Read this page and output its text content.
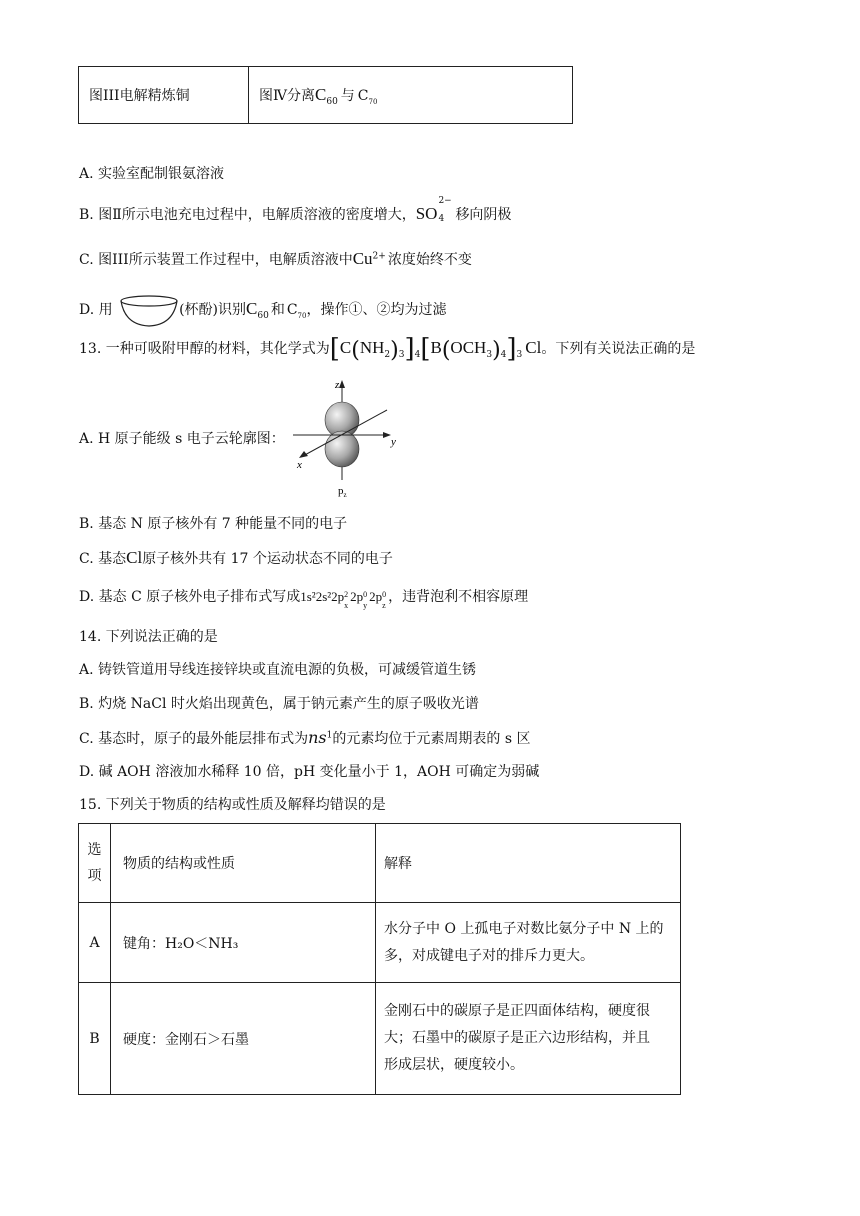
图III电解精炼铜	图Ⅳ分离$C_{60}$ 与 $C_{70}$
A. 实验室配制银氨溶液
B. 图Ⅱ所示电池充电过程中，电解质溶液的密度增大，SO
2−
4 移向阴极
C. 图III所示装置工作过程中，电解质溶液中$Cu^{2+}$ 浓度始终不变
D. 用	(杯酚)识别$C_{60}$ 和 $C_{70}$，操作①、②均为过滤
13. 一种可吸附甲醇的材料，其化学式为$[C(NH_2)_3]_4[B(OCH_3)_4]_3$ Cl。下列有关说法正确的是
A. H 原子能级 s 电子云轮廓图：
z
y
x
$p_z$
B. 基态 N 原子核外有 7 种能量不同的电子
C. 基态Cl原子核外共有 17 个运动状态不同的电子
D. 基态 C 原子核外电子排布式写成1s²2s²2p 2
x
2p 0
y
2p 0
z
，违背泡利不相容原理
14. 下列说法正确的是
A. 铸铁管道用导线连接锌块或直流电源的负极，可减缓管道生锈
B. 灼烧 NaCl 时火焰出现黄色，属于钠元素产生的原子吸收光谱
C. 基态时，原子的最外能层排布式为$ns^1$的元素均位于元素周期表的 s 区
D. 碱 AOH 溶液加水稀释 10 倍，pH 变化量小于 1，AOH 可确定为弱碱
15. 下列关于物质的结构或性质及解释均错误的是
选项	物质的结构或性质	解释
A	键角：H₂O＜NH₃	水分子中 O 上孤电子对数比氨分子中 N 上的
多，对成键电子对的排斥力更大。

B	硬度：金刚石＞石墨	金刚石中的碳原子是正四面体结构，硬度很
大；石墨中的碳原子是正六边形结构，并且
形成层状，硬度较小。
